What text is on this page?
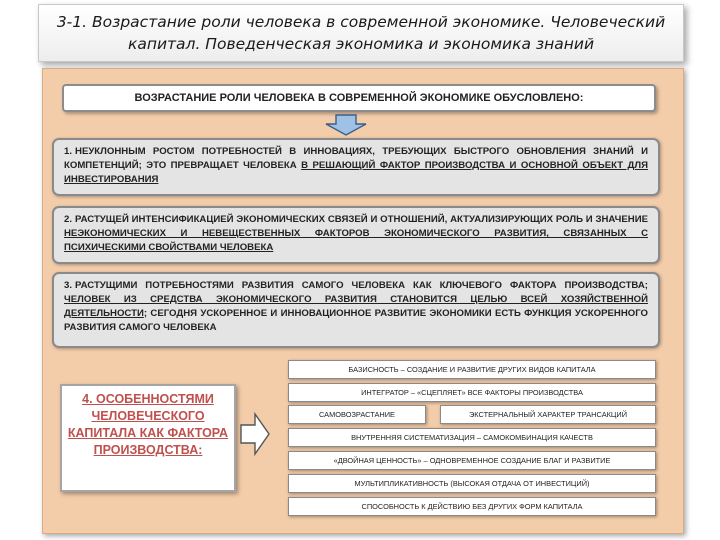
3-1. Возрастание роли человека в современной экономике. Человеческий
капитал. Поведенческая экономика и экономика знаний
ВОЗРАСТАНИЕ РОЛИ ЧЕЛОВЕКА В СОВРЕМЕННОЙ ЭКОНОМИКЕ ОБУСЛОВЛЕНО:
1. НЕУКЛОННЫМ РОСТОМ ПОТРЕБНОСТЕЙ В ИННОВАЦИЯХ, ТРЕБУЮЩИХ БЫСТРОГО ОБНОВЛЕНИЯ ЗНАНИЙ И КОМПЕТЕНЦИЙ; ЭТО ПРЕВРАЩАЕТ ЧЕЛОВЕКА В РЕШАЮЩИЙ ФАКТОР ПРОИЗВОДСТВА И ОСНОВНОЙ ОБЪЕКТ ДЛЯ ИНВЕСТИРОВАНИЯ
2. РАСТУЩЕЙ ИНТЕНСИФИКАЦИЕЙ ЭКОНОМИЧЕСКИХ СВЯЗЕЙ И ОТНОШЕНИЙ, АКТУАЛИЗИРУЮЩИХ РОЛЬ И ЗНАЧЕНИЕ НЕЭКОНОМИЧЕСКИХ И НЕВЕЩЕСТВЕННЫХ ФАКТОРОВ ЭКОНОМИЧЕСКОГО РАЗВИТИЯ, СВЯЗАННЫХ С ПСИХИЧЕСКИМИ СВОЙСТВАМИ ЧЕЛОВЕКА
3. РАСТУЩИМИ ПОТРЕБНОСТЯМИ РАЗВИТИЯ САМОГО ЧЕЛОВЕКА КАК КЛЮЧЕВОГО ФАКТОРА ПРОИЗВОДСТВА; ЧЕЛОВЕК ИЗ СРЕДСТВА ЭКОНОМИЧЕСКОГО РАЗВИТИЯ СТАНОВИТСЯ ЦЕЛЬЮ ВСЕЙ ХОЗЯЙСТВЕННОЙ ДЕЯТЕЛЬНОСТИ; СЕГОДНЯ УСКОРЕННОЕ И ИННОВАЦИОННОЕ РАЗВИТИЕ ЭКОНОМИКИ ЕСТЬ ФУНКЦИЯ УСКОРЕННОГО РАЗВИТИЯ САМОГО ЧЕЛОВЕКА
4. ОСОБЕННОСТЯМИ ЧЕЛОВЕЧЕСКОГО КАПИТАЛА КАК ФАКТОРА ПРОИЗВОДСТВА:
БАЗИСНОСТЬ – СОЗДАНИЕ И РАЗВИТИЕ ДРУГИХ ВИДОВ КАПИТАЛА
ИНТЕГРАТОР – «СЦЕПЛЯЕТ» ВСЕ ФАКТОРЫ ПРОИЗВОДСТВА
САМОВОЗРАСТАНИЕ	ЭКСТЕРНАЛЬНЫЙ ХАРАКТЕР ТРАНСАКЦИЙ
ВНУТРЕННЯЯ СИСТЕМАТИЗАЦИЯ – САМОКОМБИНАЦИЯ КАЧЕСТВ
«ДВОЙНАЯ ЦЕННОСТЬ» – ОДНОВРЕМЕННОЕ СОЗДАНИЕ БЛАГ И РАЗВИТИЕ
МУЛЬТИПЛИКАТИВНОСТЬ (ВЫСОКАЯ ОТДАЧА ОТ ИНВЕСТИЦИЙ)
СПОСОБНОСТЬ К ДЕЙСТВИЮ БЕЗ ДРУГИХ ФОРМ КАПИТАЛА
